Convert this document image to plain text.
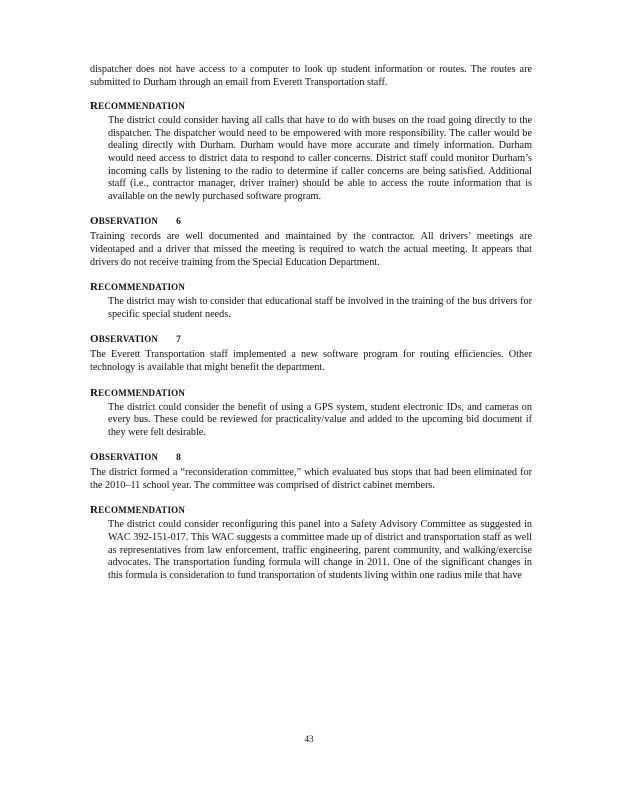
dispatcher does not have access to a computer to look up student information or routes. The routes are submitted to Durham through an email from Everett Transportation staff.

RECOMMENDATION

The district could consider having all calls that have to do with buses on the road going directly to the dispatcher. The dispatcher would need to be empowered with more responsibility. The caller would be dealing directly with Durham. Durham would have more accurate and timely information. Durham would need access to district data to respond to caller concerns. District staff could monitor Durham’s incoming calls by listening to the radio to determine if caller concerns are being satisfied. Additional staff (i.e., contractor manager, driver trainer) should be able to access the route information that is available on the newly purchased software program.

OBSERVATION 6

Training records are well documented and maintained by the contractor. All drivers’ meetings are videotaped and a driver that missed the meeting is required to watch the actual meeting. It appears that drivers do not receive training from the Special Education Department.

RECOMMENDATION

The district may wish to consider that educational staff be involved in the training of the bus drivers for specific special student needs.

OBSERVATION 7

The Everett Transportation staff implemented a new software program for routing efficiencies. Other technology is available that might benefit the department.

RECOMMENDATION

The district could consider the benefit of using a GPS system, student electronic IDs, and cameras on every bus. These could be reviewed for practicality/value and added to the upcoming bid document if they were felt desirable.

OBSERVATION 8

The district formed a “reconsideration committee,” which evaluated bus stops that had been eliminated for the 2010–11 school year. The committee was comprised of district cabinet members.

RECOMMENDATION

The district could consider reconfiguring this panel into a Safety Advisory Committee as suggested in WAC 392-151-017. This WAC suggests a committee made up of district and transportation staff as well as representatives from law enforcement, traffic engineering, parent community, and walking/exercise advocates. The transportation funding formula will change in 2011. One of the significant changes in this formula is consideration to fund transportation of students living within one radius mile that have

43
